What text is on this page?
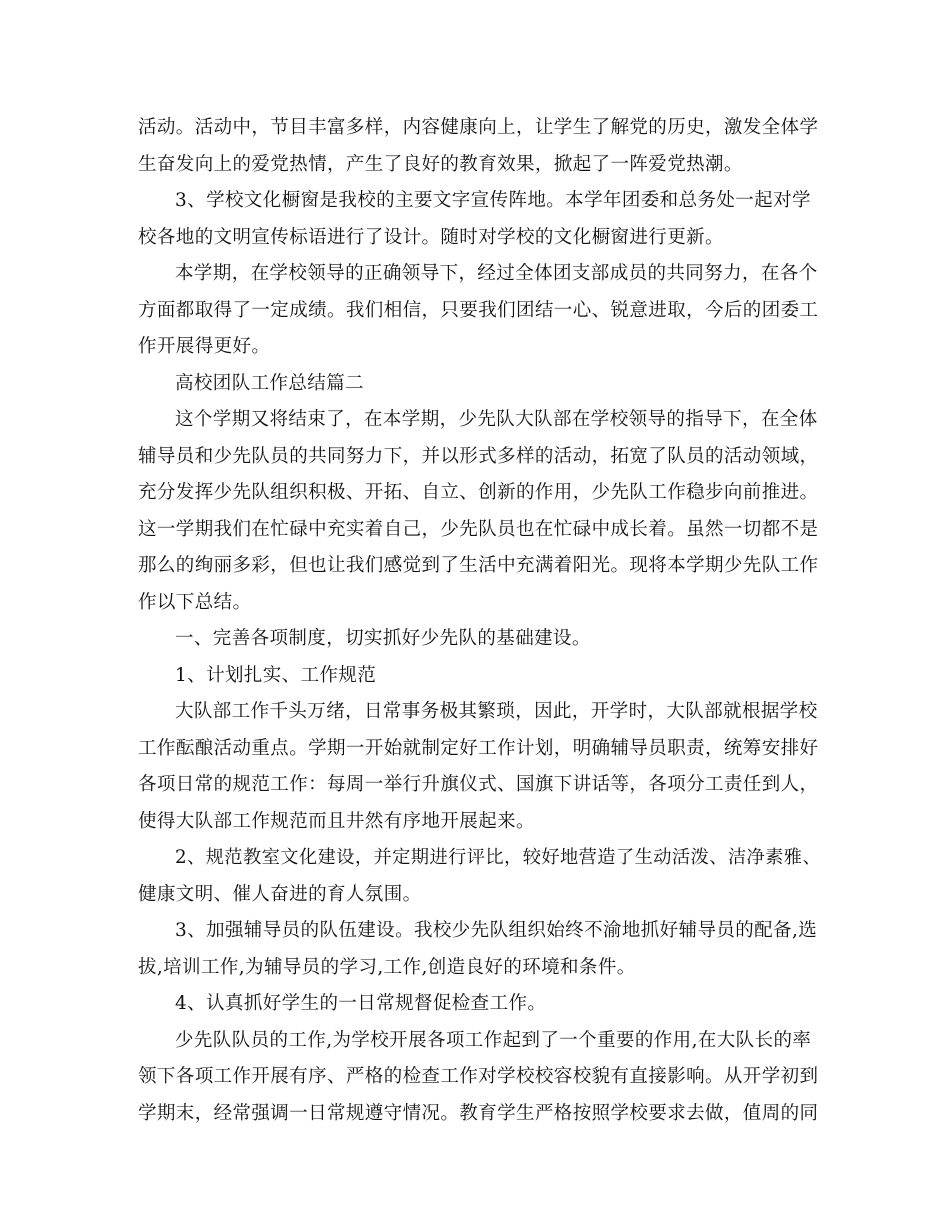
活动。活动中，节目丰富多样，内容健康向上，让学生了解党的历史，激发全体学
生奋发向上的爱党热情，产生了良好的教育效果，掀起了一阵爱党热潮。
3、学校文化橱窗是我校的主要文字宣传阵地。本学年团委和总务处一起对学
校各地的文明宣传标语进行了设计。随时对学校的文化橱窗进行更新。
本学期，在学校领导的正确领导下，经过全体团支部成员的共同努力，在各个
方面都取得了一定成绩。我们相信，只要我们团结一心、锐意进取，今后的团委工
作开展得更好。
高校团队工作总结篇二
这个学期又将结束了，在本学期，少先队大队部在学校领导的指导下，在全体
辅导员和少先队员的共同努力下，并以形式多样的活动，拓宽了队员的活动领域，
充分发挥少先队组织积极、开拓、自立、创新的作用，少先队工作稳步向前推进。
这一学期我们在忙碌中充实着自己，少先队员也在忙碌中成长着。虽然一切都不是
那么的绚丽多彩，但也让我们感觉到了生活中充满着阳光。现将本学期少先队工作
作以下总结。
一、完善各项制度，切实抓好少先队的基础建设。
1、计划扎实、工作规范
大队部工作千头万绪，日常事务极其繁琐，因此，开学时，大队部就根据学校
工作酝酿活动重点。学期一开始就制定好工作计划，明确辅导员职责，统筹安排好
各项日常的规范工作：每周一举行升旗仪式、国旗下讲话等，各项分工责任到人，
使得大队部工作规范而且井然有序地开展起来。
2、规范教室文化建设，并定期进行评比，较好地营造了生动活泼、洁净素雅、
健康文明、催人奋进的育人氛围。
3、加强辅导员的队伍建设。我校少先队组织始终不渝地抓好辅导员的配备,选
拔,培训工作,为辅导员的学习,工作,创造良好的环境和条件。
4、认真抓好学生的一日常规督促检查工作。
少先队队员的工作,为学校开展各项工作起到了一个重要的作用,在大队长的率
领下各项工作开展有序、严格的检查工作对学校校容校貌有直接影响。从开学初到
学期末，经常强调一日常规遵守情况。教育学生严格按照学校要求去做，值周的同
